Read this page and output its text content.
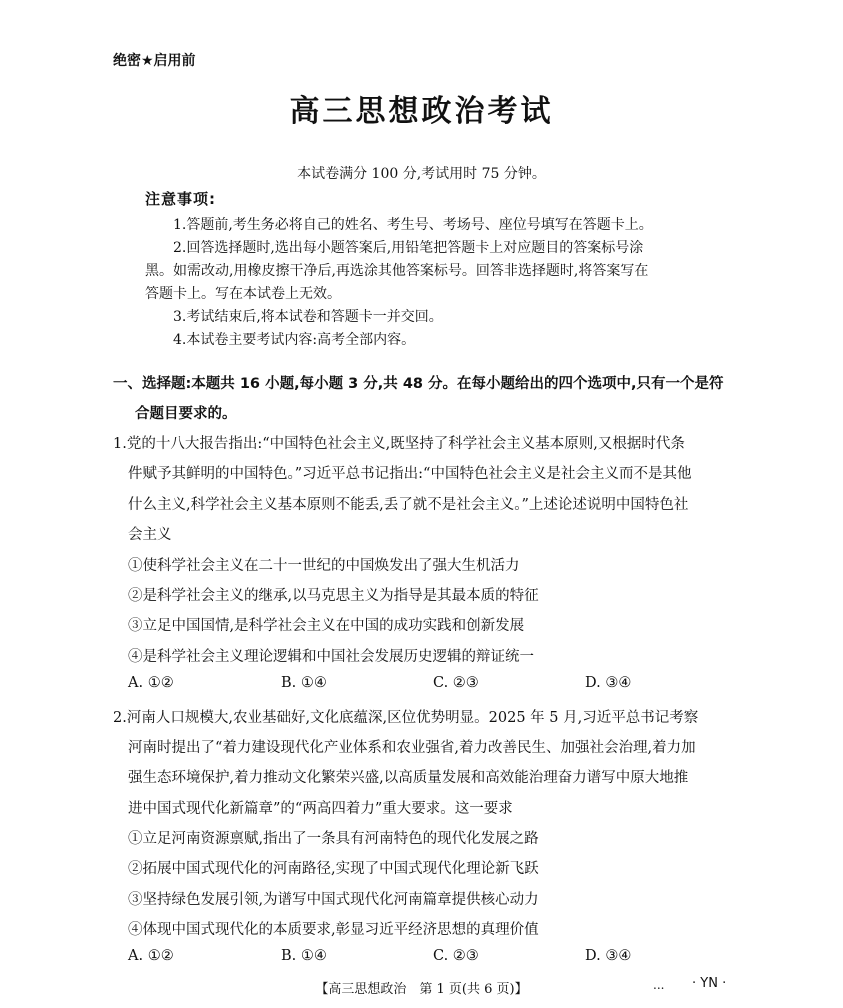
绝密★启用前
高三思想政治考试
本试卷满分 100 分,考试用时 75 分钟。
注意事项:
1.答题前,考生务必将自己的姓名、考生号、考场号、座位号填写在答题卡上。
2.回答选择题时,选出每小题答案后,用铅笔把答题卡上对应题目的答案标号涂
黑。如需改动,用橡皮擦干净后,再选涂其他答案标号。回答非选择题时,将答案写在
答题卡上。写在本试卷上无效。
3.考试结束后,将本试卷和答题卡一并交回。
4.本试卷主要考试内容:高考全部内容。
一、选择题:本题共 16 小题,每小题 3 分,共 48 分。在每小题给出的四个选项中,只有一个是符
合题目要求的。
1.党的十八大报告指出:“中国特色社会主义,既坚持了科学社会主义基本原则,又根据时代条
件赋予其鲜明的中国特色。”习近平总书记指出:“中国特色社会主义是社会主义而不是其他
什么主义,科学社会主义基本原则不能丢,丢了就不是社会主义。”上述论述说明中国特色社
会主义
①使科学社会主义在二十一世纪的中国焕发出了强大生机活力
②是科学社会主义的继承,以马克思主义为指导是其最本质的特征
③立足中国国情,是科学社会主义在中国的成功实践和创新发展
④是科学社会主义理论逻辑和中国社会发展历史逻辑的辩证统一
A. ①②	B. ①④	C. ②③	D. ③④
2.河南人口规模大,农业基础好,文化底蕴深,区位优势明显。2025 年 5 月,习近平总书记考察
河南时提出了“着力建设现代化产业体系和农业强省,着力改善民生、加强社会治理,着力加
强生态环境保护,着力推动文化繁荣兴盛,以高质量发展和高效能治理奋力谱写中原大地推
进中国式现代化新篇章”的“两高四着力”重大要求。这一要求
①立足河南资源禀赋,指出了一条具有河南特色的现代化发展之路
②拓展中国式现代化的河南路径,实现了中国式现代化理论新飞跃
③坚持绿色发展引领,为谱写中国式现代化河南篇章提供核心动力
④体现中国式现代化的本质要求,彰显习近平经济思想的真理价值
A. ①②	B. ①④	C. ②③	D. ③④
【高三思想政治　第 1 页(共 6 页)】	... · YN ·
